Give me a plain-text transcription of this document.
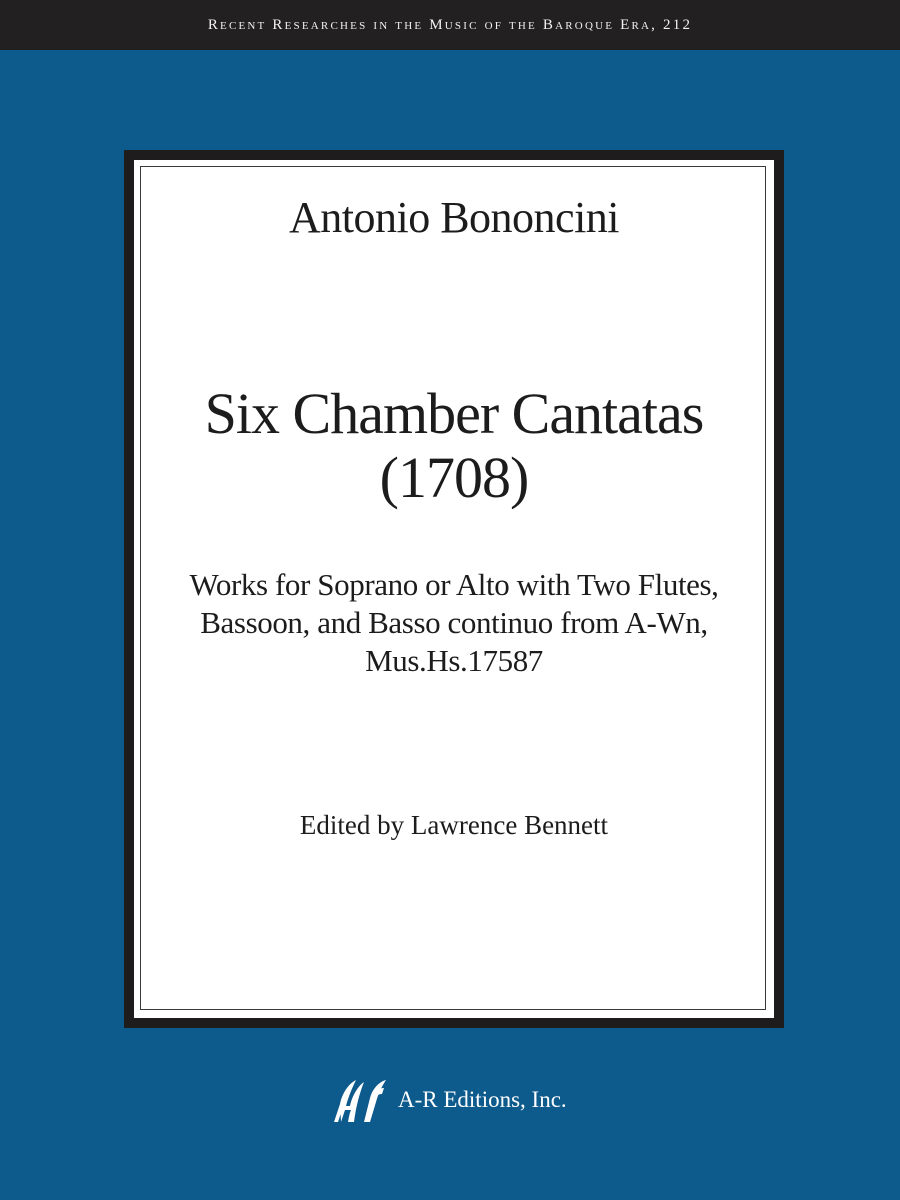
Recent Researches in the Music of the Baroque Era, 212
Antonio Bononcini
Six Chamber Cantatas
(1708)
Works for Soprano or Alto with Two Flutes,
Bassoon, and Basso continuo from A-Wn,
Mus.Hs.17587
Edited by Lawrence Bennett
A-R Editions, Inc.
